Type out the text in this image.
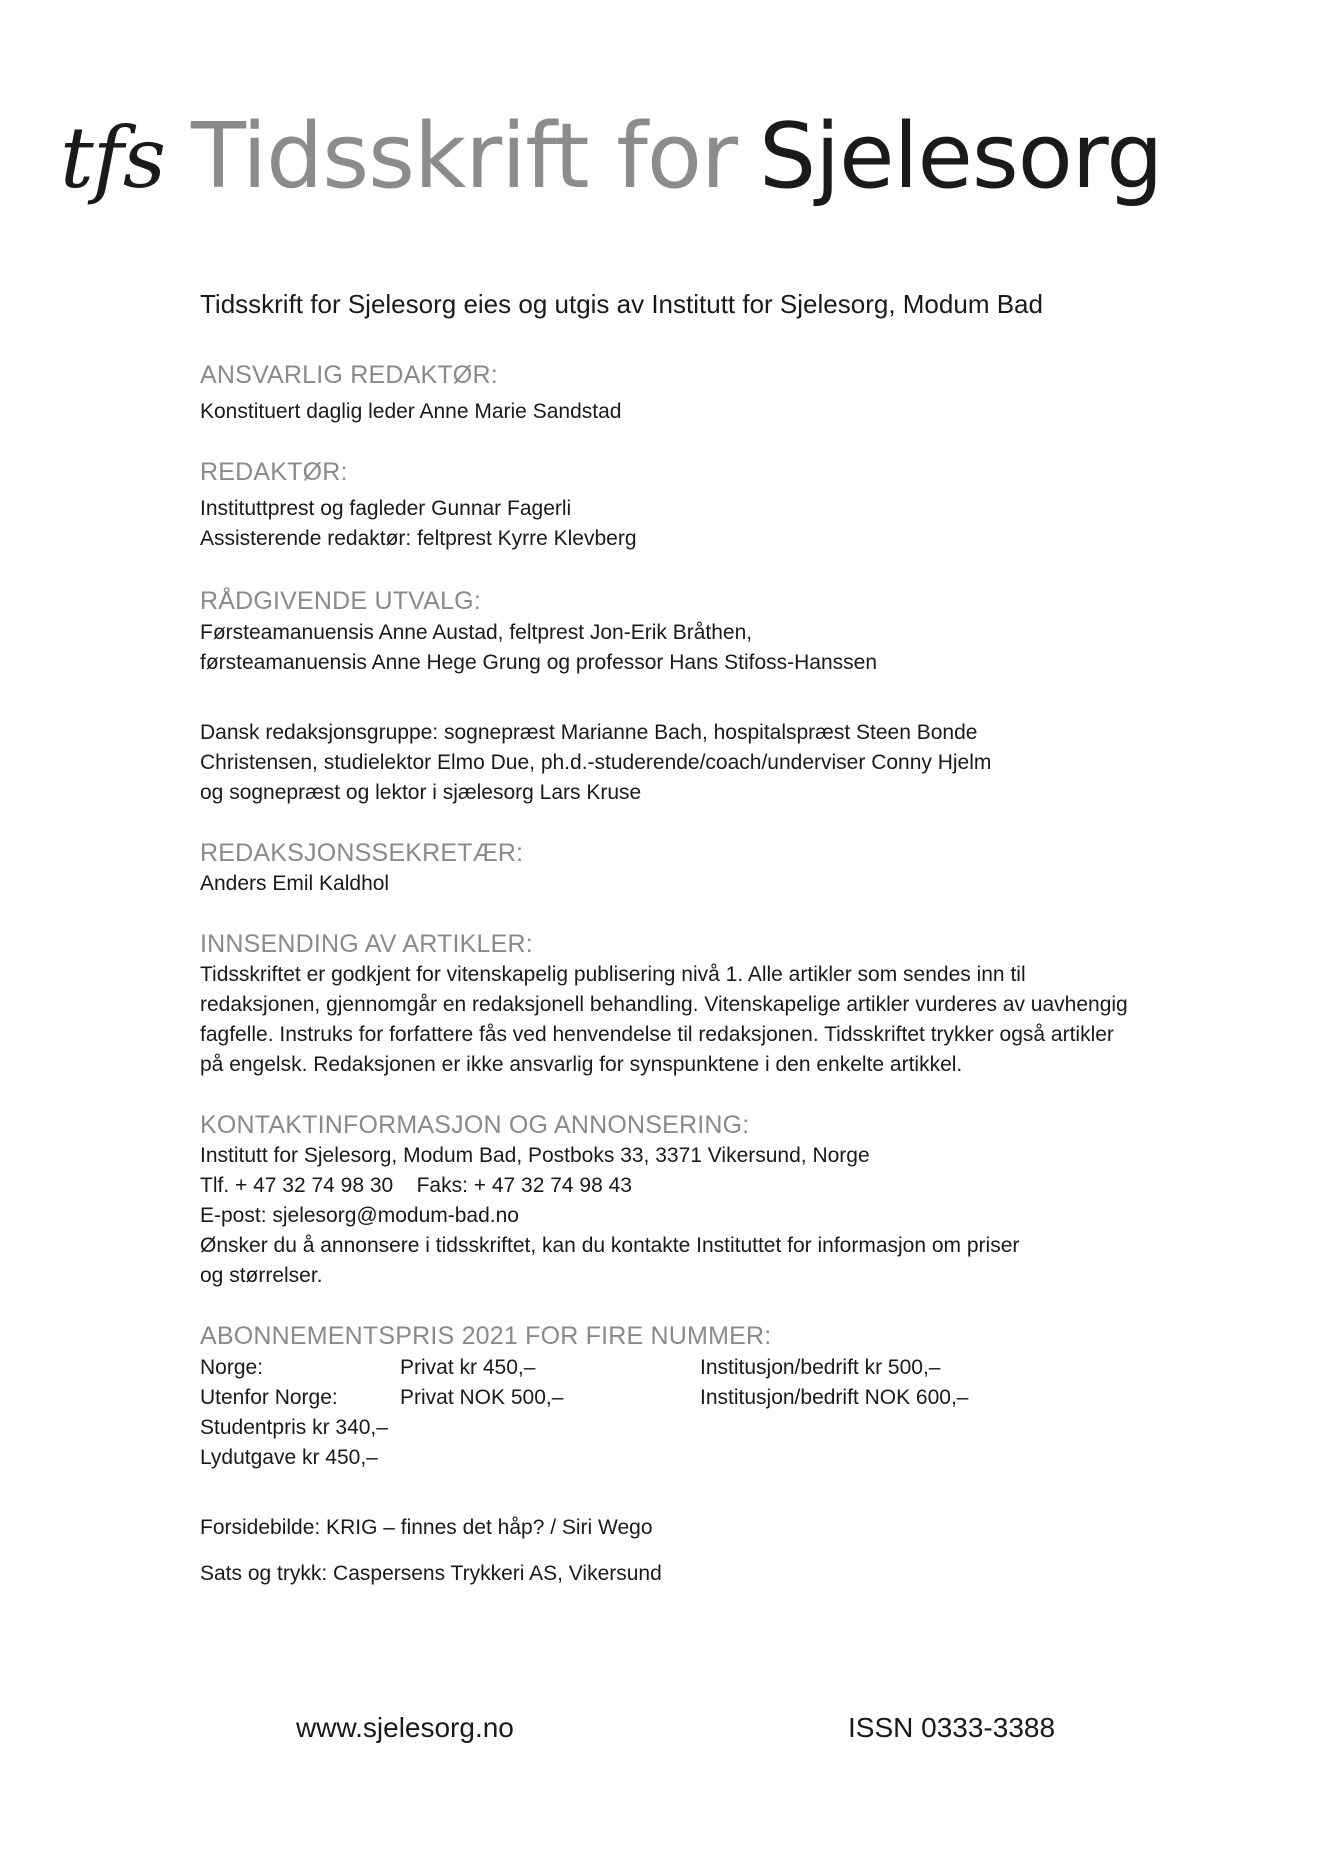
tfs Tidsskrift for Sjelesorg

Tidsskrift for Sjelesorg eies og utgis av Institutt for Sjelesorg, Modum Bad

ANSVARLIG REDAKTØR:

Konstituert daglig leder Anne Marie Sandstad

REDAKTØR:

Instituttprest og fagleder Gunnar Fagerli

Assisterende redaktør: feltprest Kyrre Klevberg

RÅDGIVENDE UTVALG:

Førsteamanuensis Anne Austad, feltprest Jon-Erik Bråthen,

førsteamanuensis Anne Hege Grung og professor Hans Stifoss-Hanssen

Dansk redaksjonsgruppe: sognepræst Marianne Bach, hospitalspræst Steen Bonde

Christensen, studielektor Elmo Due, ph.d.-studerende/coach/underviser Conny Hjelm

og sognepræst og lektor i sjælesorg Lars Kruse

REDAKSJONSSEKRETÆR:

Anders Emil Kaldhol

INNSENDING AV ARTIKLER:

Tidsskriftet er godkjent for vitenskapelig publisering nivå 1. Alle artikler som sendes inn til

redaksjonen, gjennomgår en redaksjonell behandling. Vitenskapelige artikler vurderes av uavhengig

fagfelle. Instruks for forfattere fås ved henvendelse til redaksjonen. Tidsskriftet trykker også artikler

på engelsk. Redaksjonen er ikke ansvarlig for synspunktene i den enkelte artikkel.

KONTAKTINFORMASJON OG ANNONSERING:

Institutt for Sjelesorg, Modum Bad, Postboks 33, 3371 Vikersund, Norge

Tlf. + 47 32 74 98 30    Faks: + 47 32 74 98 43

E-post: sjelesorg@modum-bad.no

Ønsker du å annonsere i tidsskriftet, kan du kontakte Instituttet for informasjon om priser

og størrelser.

ABONNEMENTSPRIS 2021 FOR FIRE NUMMER:

Norge:	Privat kr 450,–	Institusjon/bedrift kr 500,–
Utenfor Norge:	Privat NOK 500,–	Institusjon/bedrift NOK 600,–

Studentpris kr 340,–

Lydutgave kr 450,–

Forsidebilde: KRIG – finnes det håp? / Siri Wego

Sats og trykk: Caspersens Trykkeri AS, Vikersund

www.sjelesorg.no	ISSN 0333-3388
